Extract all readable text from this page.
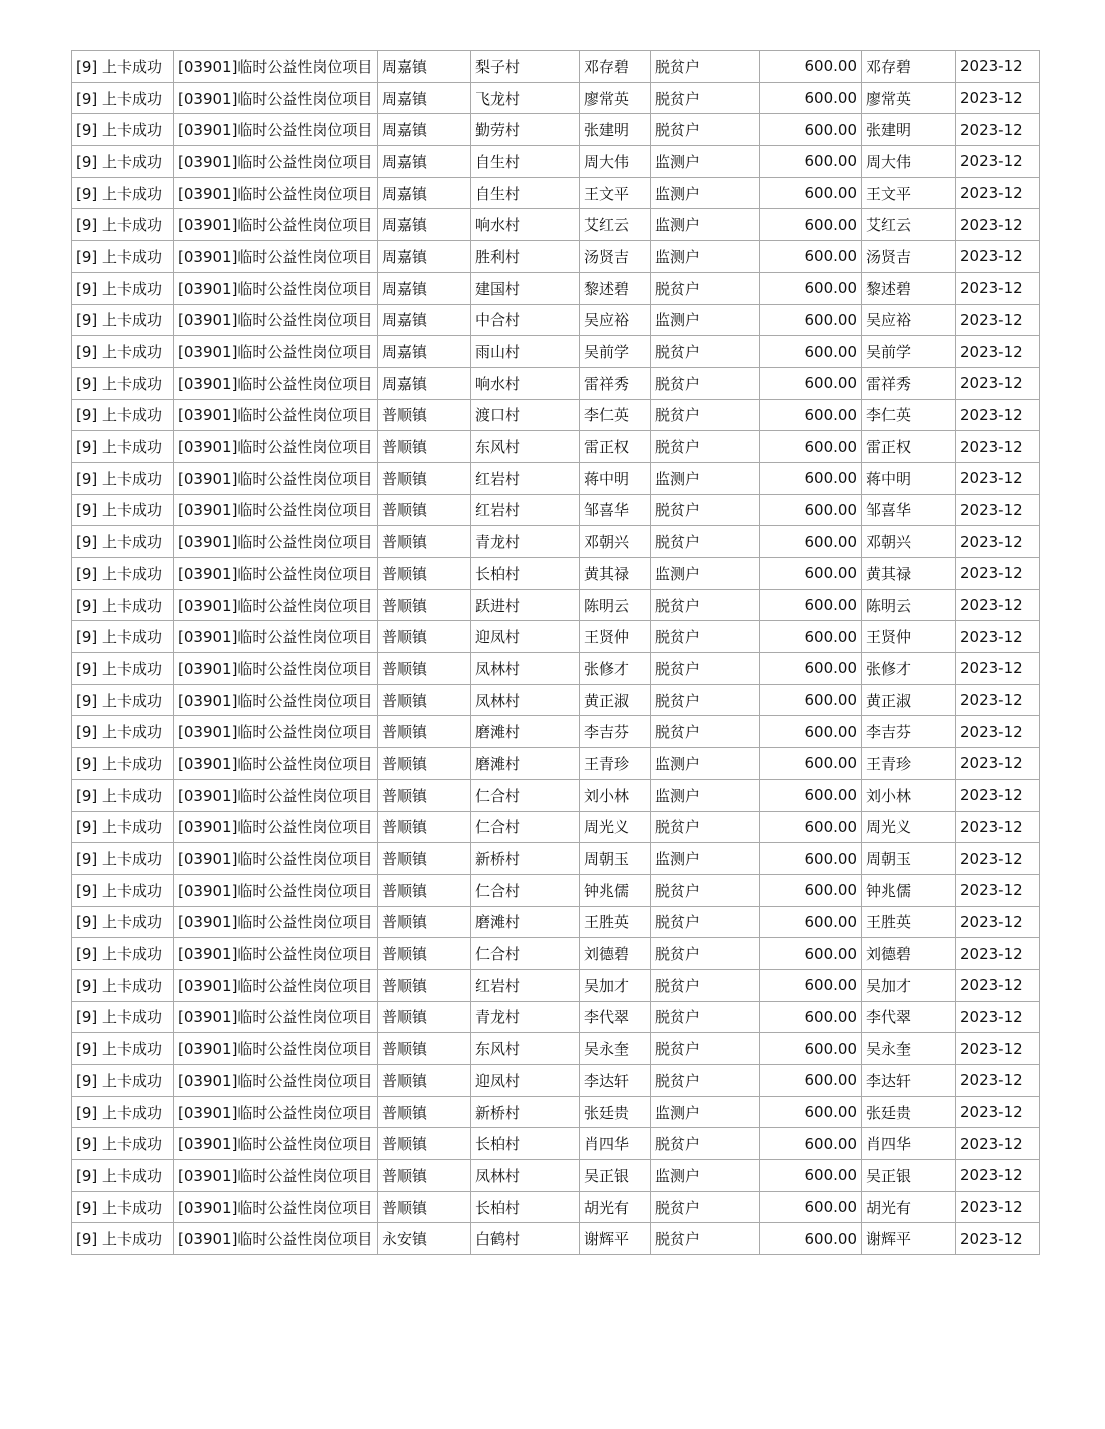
[9] 上卡成功	[03901]临时公益性岗位项目	周嘉镇	梨子村	邓存碧	脱贫户	600.00	邓存碧	2023-12
[9] 上卡成功	[03901]临时公益性岗位项目	周嘉镇	飞龙村	廖常英	脱贫户	600.00	廖常英	2023-12
[9] 上卡成功	[03901]临时公益性岗位项目	周嘉镇	勤劳村	张建明	脱贫户	600.00	张建明	2023-12
[9] 上卡成功	[03901]临时公益性岗位项目	周嘉镇	自生村	周大伟	监测户	600.00	周大伟	2023-12
[9] 上卡成功	[03901]临时公益性岗位项目	周嘉镇	自生村	王文平	监测户	600.00	王文平	2023-12
[9] 上卡成功	[03901]临时公益性岗位项目	周嘉镇	响水村	艾红云	监测户	600.00	艾红云	2023-12
[9] 上卡成功	[03901]临时公益性岗位项目	周嘉镇	胜利村	汤贤吉	监测户	600.00	汤贤吉	2023-12
[9] 上卡成功	[03901]临时公益性岗位项目	周嘉镇	建国村	黎述碧	脱贫户	600.00	黎述碧	2023-12
[9] 上卡成功	[03901]临时公益性岗位项目	周嘉镇	中合村	吴应裕	监测户	600.00	吴应裕	2023-12
[9] 上卡成功	[03901]临时公益性岗位项目	周嘉镇	雨山村	吴前学	脱贫户	600.00	吴前学	2023-12
[9] 上卡成功	[03901]临时公益性岗位项目	周嘉镇	响水村	雷祥秀	脱贫户	600.00	雷祥秀	2023-12
[9] 上卡成功	[03901]临时公益性岗位项目	普顺镇	渡口村	李仁英	脱贫户	600.00	李仁英	2023-12
[9] 上卡成功	[03901]临时公益性岗位项目	普顺镇	东风村	雷正权	脱贫户	600.00	雷正权	2023-12
[9] 上卡成功	[03901]临时公益性岗位项目	普顺镇	红岩村	蒋中明	监测户	600.00	蒋中明	2023-12
[9] 上卡成功	[03901]临时公益性岗位项目	普顺镇	红岩村	邹喜华	脱贫户	600.00	邹喜华	2023-12
[9] 上卡成功	[03901]临时公益性岗位项目	普顺镇	青龙村	邓朝兴	脱贫户	600.00	邓朝兴	2023-12
[9] 上卡成功	[03901]临时公益性岗位项目	普顺镇	长柏村	黄其禄	监测户	600.00	黄其禄	2023-12
[9] 上卡成功	[03901]临时公益性岗位项目	普顺镇	跃进村	陈明云	脱贫户	600.00	陈明云	2023-12
[9] 上卡成功	[03901]临时公益性岗位项目	普顺镇	迎凤村	王贤仲	脱贫户	600.00	王贤仲	2023-12
[9] 上卡成功	[03901]临时公益性岗位项目	普顺镇	凤林村	张修才	脱贫户	600.00	张修才	2023-12
[9] 上卡成功	[03901]临时公益性岗位项目	普顺镇	凤林村	黄正淑	脱贫户	600.00	黄正淑	2023-12
[9] 上卡成功	[03901]临时公益性岗位项目	普顺镇	磨滩村	李吉芬	脱贫户	600.00	李吉芬	2023-12
[9] 上卡成功	[03901]临时公益性岗位项目	普顺镇	磨滩村	王青珍	监测户	600.00	王青珍	2023-12
[9] 上卡成功	[03901]临时公益性岗位项目	普顺镇	仁合村	刘小林	监测户	600.00	刘小林	2023-12
[9] 上卡成功	[03901]临时公益性岗位项目	普顺镇	仁合村	周光义	脱贫户	600.00	周光义	2023-12
[9] 上卡成功	[03901]临时公益性岗位项目	普顺镇	新桥村	周朝玉	监测户	600.00	周朝玉	2023-12
[9] 上卡成功	[03901]临时公益性岗位项目	普顺镇	仁合村	钟兆儒	脱贫户	600.00	钟兆儒	2023-12
[9] 上卡成功	[03901]临时公益性岗位项目	普顺镇	磨滩村	王胜英	脱贫户	600.00	王胜英	2023-12
[9] 上卡成功	[03901]临时公益性岗位项目	普顺镇	仁合村	刘德碧	脱贫户	600.00	刘德碧	2023-12
[9] 上卡成功	[03901]临时公益性岗位项目	普顺镇	红岩村	吴加才	脱贫户	600.00	吴加才	2023-12
[9] 上卡成功	[03901]临时公益性岗位项目	普顺镇	青龙村	李代翠	脱贫户	600.00	李代翠	2023-12
[9] 上卡成功	[03901]临时公益性岗位项目	普顺镇	东风村	吴永奎	脱贫户	600.00	吴永奎	2023-12
[9] 上卡成功	[03901]临时公益性岗位项目	普顺镇	迎凤村	李达轩	脱贫户	600.00	李达轩	2023-12
[9] 上卡成功	[03901]临时公益性岗位项目	普顺镇	新桥村	张廷贵	监测户	600.00	张廷贵	2023-12
[9] 上卡成功	[03901]临时公益性岗位项目	普顺镇	长柏村	肖四华	脱贫户	600.00	肖四华	2023-12
[9] 上卡成功	[03901]临时公益性岗位项目	普顺镇	凤林村	吴正银	监测户	600.00	吴正银	2023-12
[9] 上卡成功	[03901]临时公益性岗位项目	普顺镇	长柏村	胡光有	脱贫户	600.00	胡光有	2023-12
[9] 上卡成功	[03901]临时公益性岗位项目	永安镇	白鹤村	谢辉平	脱贫户	600.00	谢辉平	2023-12
